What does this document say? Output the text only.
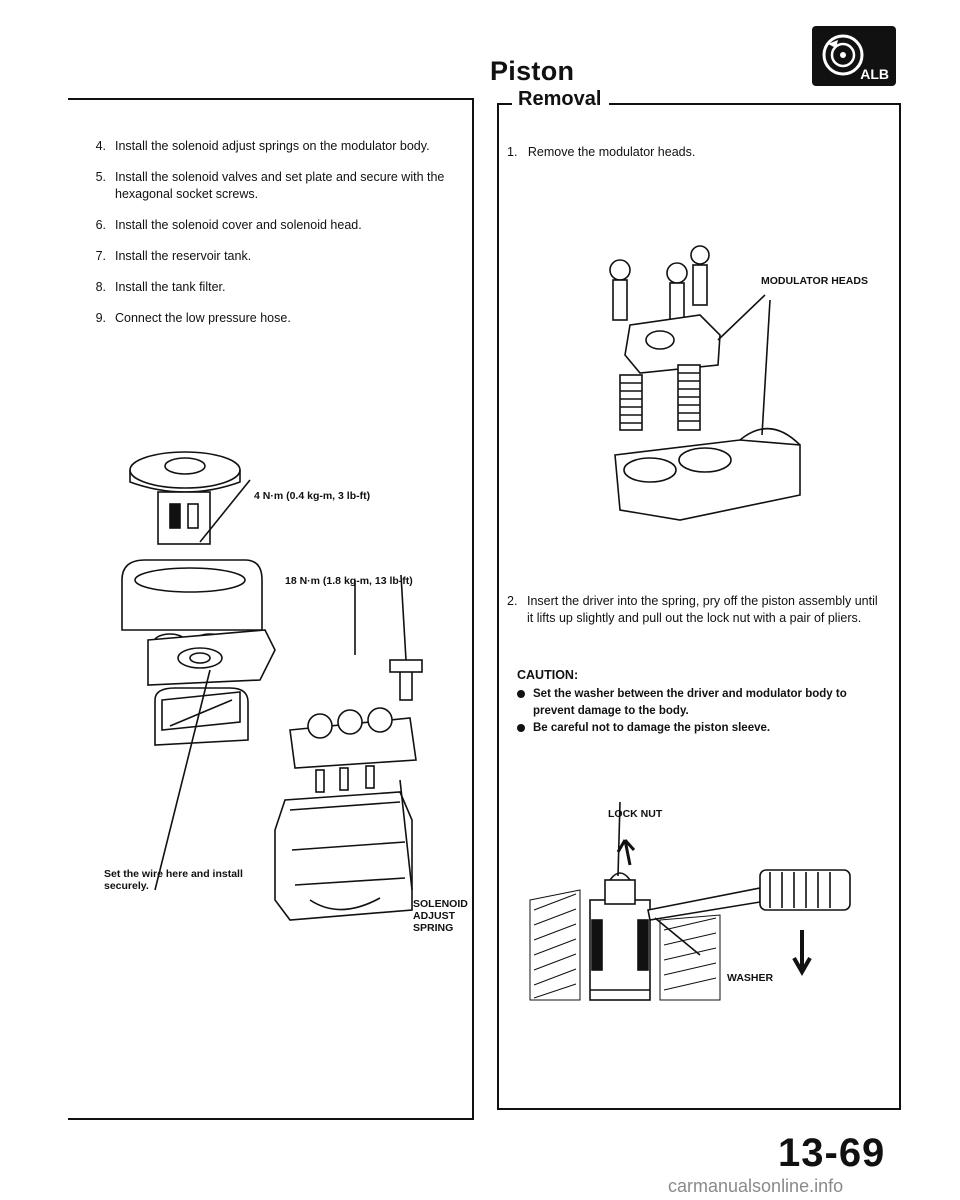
Piston	ALB
4. Install the solenoid adjust springs on the modulator body.
5. Install the solenoid valves and set plate and secure with the hexagonal socket screws.
6. Install the solenoid cover and solenoid head.
7. Install the reservoir tank.
8. Install the tank filter.
9. Connect the low pressure hose.
4 N·m (0.4 kg-m, 3 lb-ft)
18 N·m (1.8 kg-m, 13 lb-ft)
Set the wire here and install securely.
SOLENOID ADJUST SPRING
Removal
1. Remove the modulator heads.
MODULATOR HEADS
2. Insert the driver into the spring, pry off the piston assembly until it lifts up slightly and pull out the lock nut with a pair of pliers.
CAUTION:
Set the washer between the driver and modulator body to prevent damage to the body.
Be careful not to damage the piston sleeve.
LOCK NUT
WASHER
13-69
carmanualsonline.info
